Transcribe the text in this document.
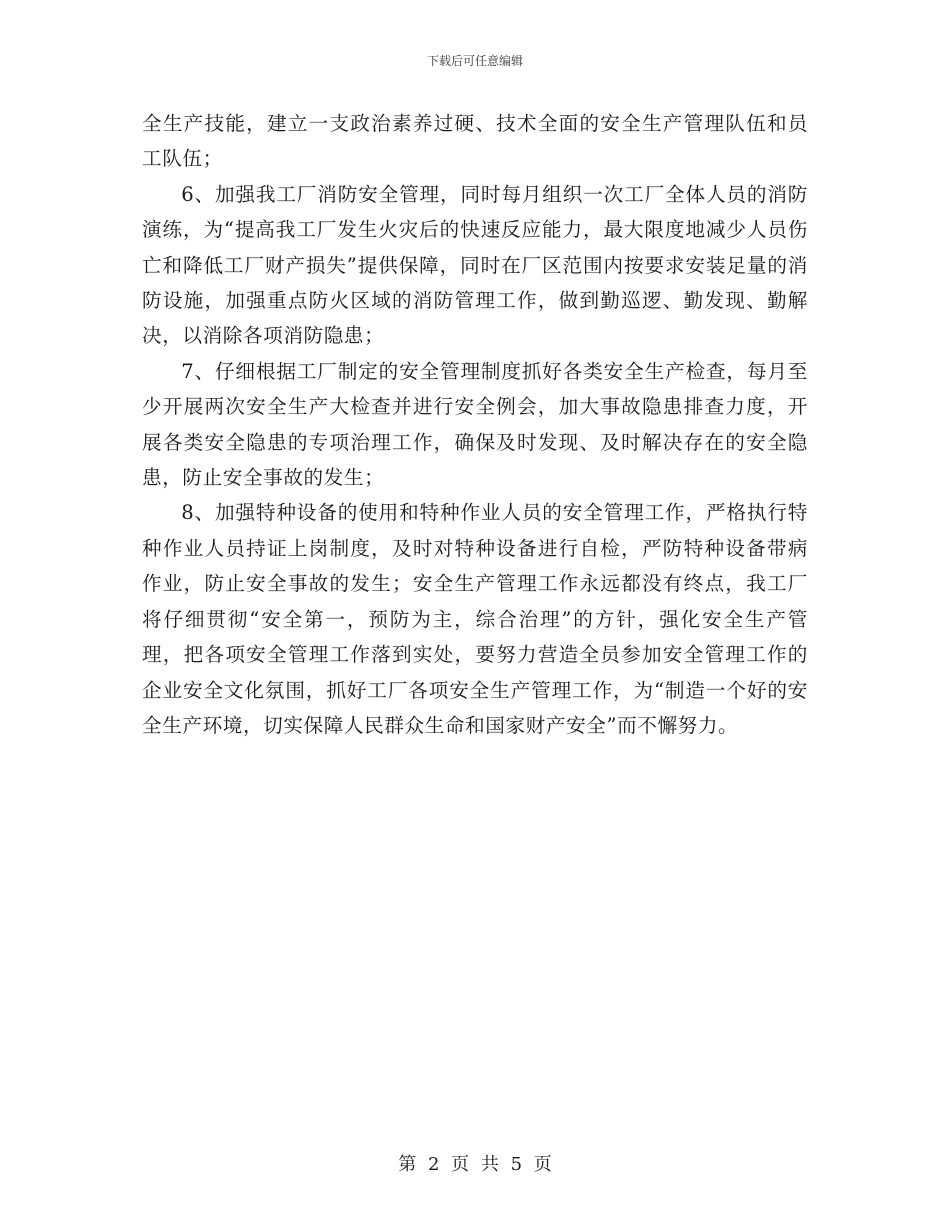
下载后可任意编辑

全生产技能，建立一支政治素养过硬、技术全面的安全生产管理队伍和员工队伍；

6、加强我工厂消防安全管理，同时每月组织一次工厂全体人员的消防演练，为“提高我工厂发生火灾后的快速反应能力，最大限度地减少人员伤亡和降低工厂财产损失”提供保障，同时在厂区范围内按要求安装足量的消防设施，加强重点防火区域的消防管理工作，做到勤巡逻、勤发现、勤解决，以消除各项消防隐患；

7、仔细根据工厂制定的安全管理制度抓好各类安全生产检查，每月至少开展两次安全生产大检查并进行安全例会，加大事故隐患排查力度，开展各类安全隐患的专项治理工作，确保及时发现、及时解决存在的安全隐患，防止安全事故的发生；

8、加强特种设备的使用和特种作业人员的安全管理工作，严格执行特种作业人员持证上岗制度，及时对特种设备进行自检，严防特种设备带病作业，防止安全事故的发生；安全生产管理工作永远都没有终点，我工厂将仔细贯彻“安全第一，预防为主，综合治理”的方针，强化安全生产管理，把各项安全管理工作落到实处，要努力营造全员参加安全管理工作的企业安全文化氛围，抓好工厂各项安全生产管理工作，为“制造一个好的安全生产环境，切实保障人民群众生命和国家财产安全”而不懈努力。

第 2 页 共 5 页
